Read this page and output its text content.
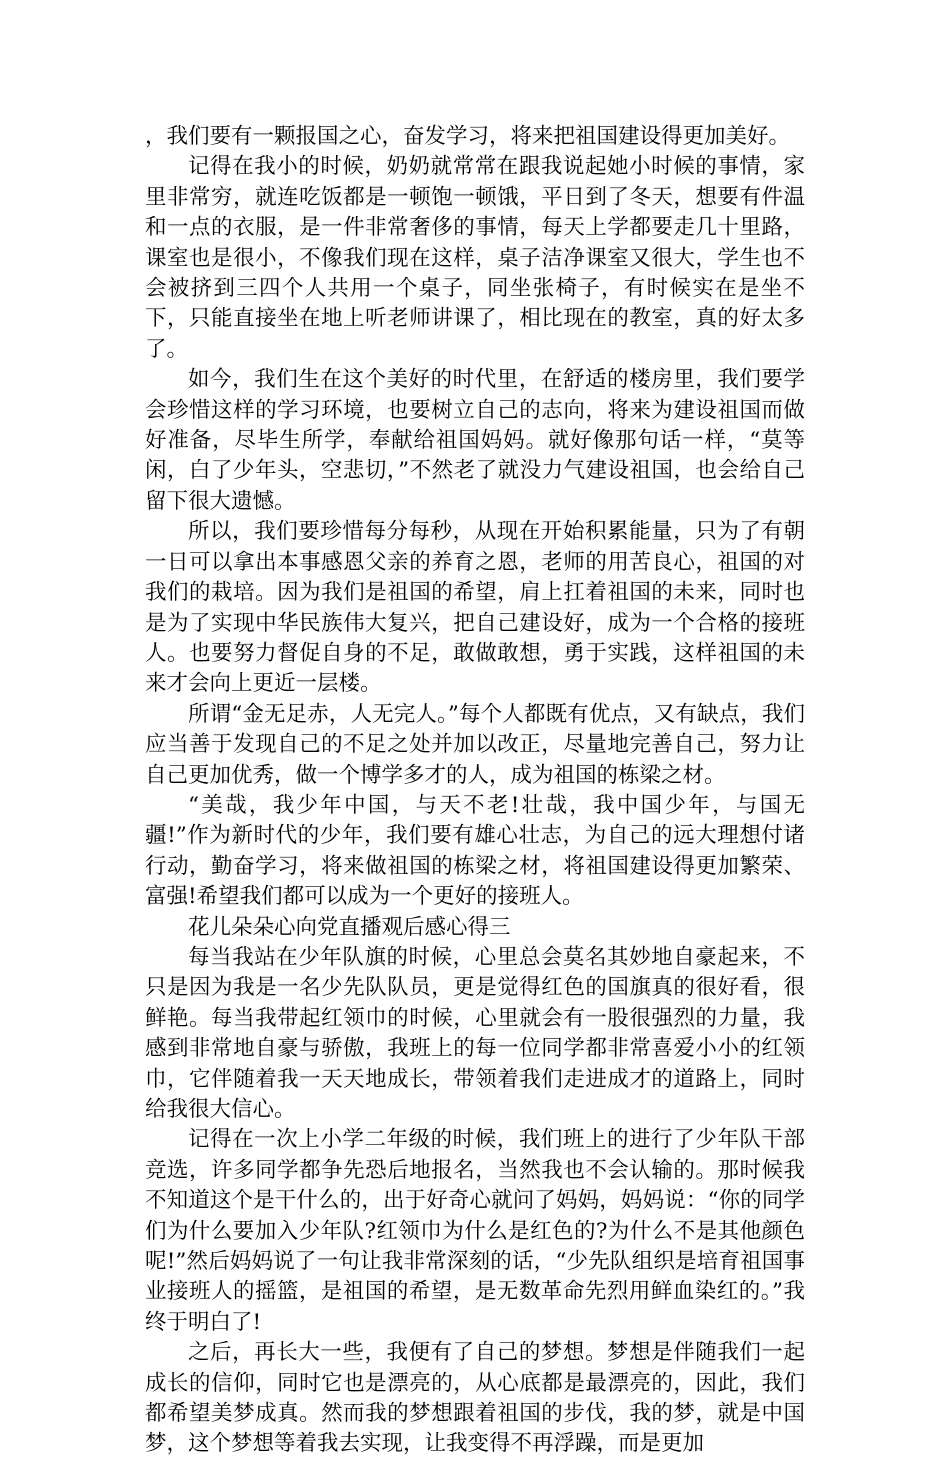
，我们要有一颗报国之心，奋发学习，将来把祖国建设得更加美好。

记得在我小的时候，奶奶就常常在跟我说起她小时候的事情，家里非常穷，就连吃饭都是一顿饱一顿饿，平日到了冬天，想要有件温和一点的衣服，是一件非常奢侈的事情，每天上学都要走几十里路，课室也是很小，不像我们现在这样，桌子洁净课室又很大，学生也不会被挤到三四个人共用一个桌子，同坐张椅子，有时候实在是坐不下，只能直接坐在地上听老师讲课了，相比现在的教室，真的好太多了。

如今，我们生在这个美好的时代里，在舒适的楼房里，我们要学会珍惜这样的学习环境，也要树立自己的志向，将来为建设祖国而做好准备，尽毕生所学，奉献给祖国妈妈。就好像那句话一样，“莫等闲，白了少年头，空悲切，”不然老了就没力气建设祖国，也会给自己留下很大遗憾。

所以，我们要珍惜每分每秒，从现在开始积累能量，只为了有朝一日可以拿出本事感恩父亲的养育之恩，老师的用苦良心，祖国的对我们的栽培。因为我们是祖国的希望，肩上扛着祖国的未来，同时也是为了实现中华民族伟大复兴，把自己建设好，成为一个合格的接班人。也要努力督促自身的不足，敢做敢想，勇于实践，这样祖国的未来才会向上更近一层楼。

所谓“金无足赤，人无完人。”每个人都既有优点，又有缺点，我们应当善于发现自己的不足之处并加以改正，尽量地完善自己，努力让自己更加优秀，做一个博学多才的人，成为祖国的栋梁之材。

“美哉，我少年中国，与天不老!壮哉，我中国少年，与国无疆!”作为新时代的少年，我们要有雄心壮志，为自己的远大理想付诸行动，勤奋学习，将来做祖国的栋梁之材，将祖国建设得更加繁荣、富强!希望我们都可以成为一个更好的接班人。

花儿朵朵心向党直播观后感心得三

每当我站在少年队旗的时候，心里总会莫名其妙地自豪起来，不只是因为我是一名少先队队员，更是觉得红色的国旗真的很好看，很鲜艳。每当我带起红领巾的时候，心里就会有一股很强烈的力量，我感到非常地自豪与骄傲，我班上的每一位同学都非常喜爱小小的红领巾，它伴随着我一天天地成长，带领着我们走进成才的道路上，同时给我很大信心。

记得在一次上小学二年级的时候，我们班上的进行了少年队干部竞选，许多同学都争先恐后地报名，当然我也不会认输的。那时候我不知道这个是干什么的，出于好奇心就问了妈妈，妈妈说：“你的同学们为什么要加入少年队?红领巾为什么是红色的?为什么不是其他颜色呢!”然后妈妈说了一句让我非常深刻的话，“少先队组织是培育祖国事业接班人的摇篮，是祖国的希望，是无数革命先烈用鲜血染红的。”我终于明白了!

之后，再长大一些，我便有了自己的梦想。梦想是伴随我们一起成长的信仰，同时它也是漂亮的，从心底都是最漂亮的，因此，我们都希望美梦成真。然而我的梦想跟着祖国的步伐，我的梦，就是中国梦，这个梦想等着我去实现，让我变得不再浮躁，而是更加
